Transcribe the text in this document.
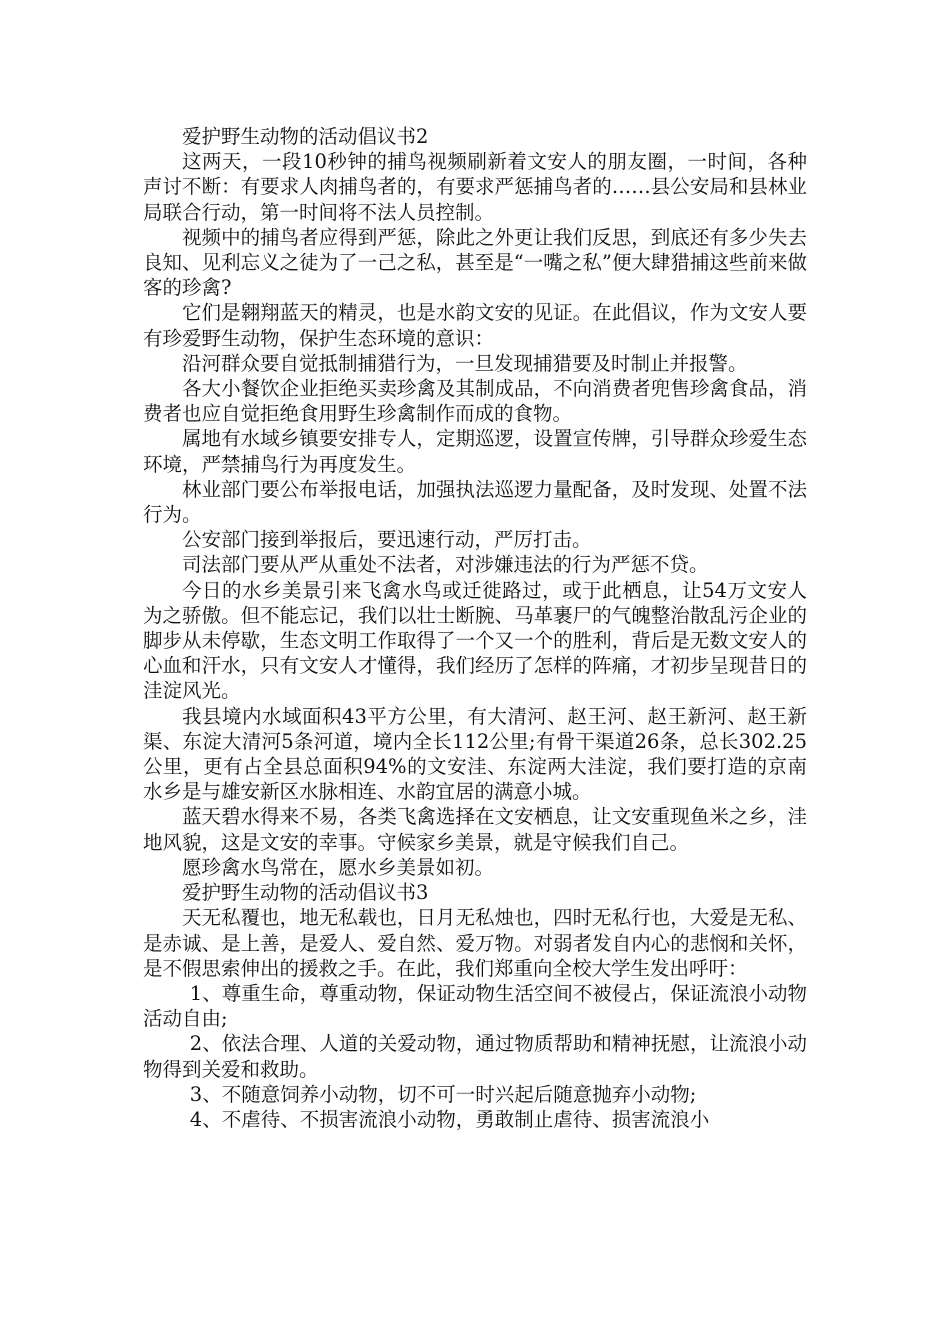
爱护野生动物的活动倡议书2

这两天，一段10秒钟的捕鸟视频刷新着文安人的朋友圈，一时间，各种声讨不断：有要求人肉捕鸟者的，有要求严惩捕鸟者的……县公安局和县林业局联合行动，第一时间将不法人员控制。

视频中的捕鸟者应得到严惩，除此之外更让我们反思，到底还有多少失去良知、见利忘义之徒为了一己之私，甚至是“一嘴之私”便大肆猎捕这些前来做客的珍禽?

它们是翱翔蓝天的精灵，也是水韵文安的见证。在此倡议，作为文安人要有珍爱野生动物，保护生态环境的意识：

沿河群众要自觉抵制捕猎行为，一旦发现捕猎要及时制止并报警。

各大小餐饮企业拒绝买卖珍禽及其制成品，不向消费者兜售珍禽食品，消费者也应自觉拒绝食用野生珍禽制作而成的食物。

属地有水域乡镇要安排专人，定期巡逻，设置宣传牌，引导群众珍爱生态环境，严禁捕鸟行为再度发生。

林业部门要公布举报电话，加强执法巡逻力量配备，及时发现、处置不法行为。

公安部门接到举报后，要迅速行动，严厉打击。

司法部门要从严从重处不法者，对涉嫌违法的行为严惩不贷。

今日的水乡美景引来飞禽水鸟或迁徙路过，或于此栖息，让54万文安人为之骄傲。但不能忘记，我们以壮士断腕、马革裹尸的气魄整治散乱污企业的脚步从未停歇，生态文明工作取得了一个又一个的胜利，背后是无数文安人的心血和汗水，只有文安人才懂得，我们经历了怎样的阵痛，才初步呈现昔日的洼淀风光。

我县境内水域面积43平方公里，有大清河、赵王河、赵王新河、赵王新渠、东淀大清河5条河道，境内全长112公里;有骨干渠道26条，总长302.25公里，更有占全县总面积94%的文安洼、东淀两大洼淀，我们要打造的京南水乡是与雄安新区水脉相连、水韵宜居的满意小城。

蓝天碧水得来不易，各类飞禽选择在文安栖息，让文安重现鱼米之乡，洼地风貌，这是文安的幸事。守候家乡美景，就是守候我们自己。

愿珍禽水鸟常在，愿水乡美景如初。

爱护野生动物的活动倡议书3

天无私覆也，地无私载也，日月无私烛也，四时无私行也，大爱是无私、是赤诚、是上善，是爱人、爱自然、爱万物。对弱者发自内心的悲悯和关怀，是不假思索伸出的援救之手。在此，我们郑重向全校大学生发出呼吁：

1、尊重生命，尊重动物，保证动物生活空间不被侵占，保证流浪小动物活动自由;

2、依法合理、人道的关爱动物，通过物质帮助和精神抚慰，让流浪小动物得到关爱和救助。

3、不随意饲养小动物，切不可一时兴起后随意抛弃小动物;

4、不虐待、不损害流浪小动物，勇敢制止虐待、损害流浪小
